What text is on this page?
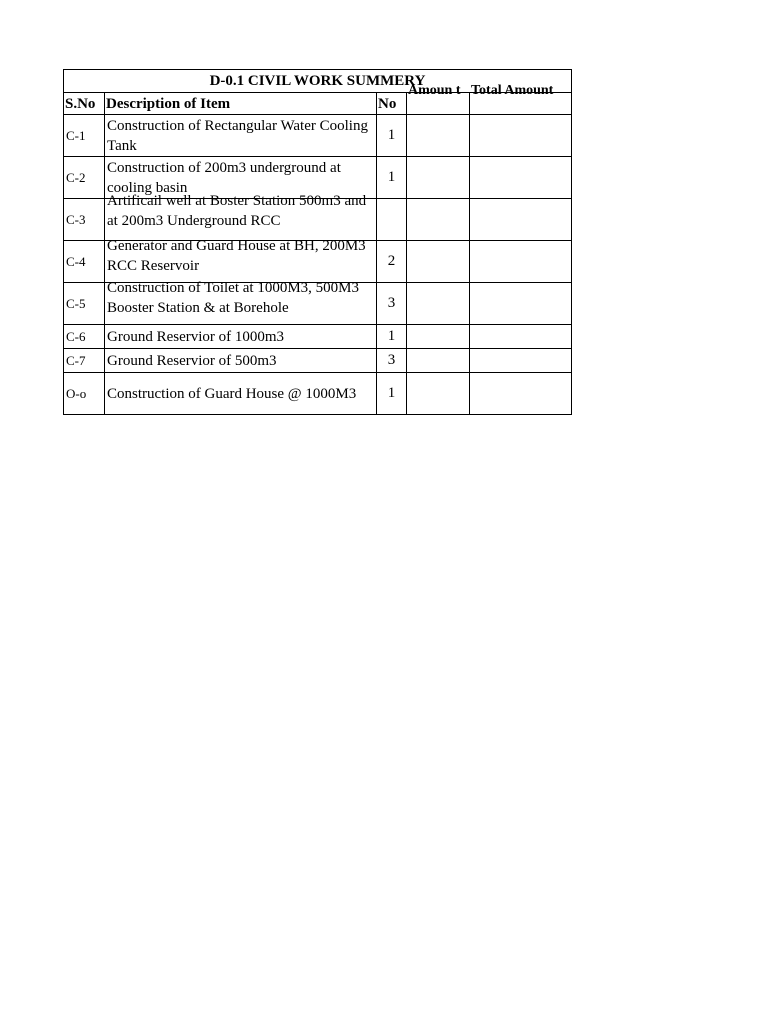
D-0.1 CIVIL WORK SUMMERY				
S.No	Description of Item	No	Amoun t	Total Amount
C-1	Construction of Rectangular Water Cooling Tank	1		
C-2	Construction of 200m3 underground at cooling basin	1		
C-3	Artificail well at Boster Station 500m3 and at 200m3 Underground RCC			

C-4	Generator and Guard House at BH, 200M3 RCC Reservoir	2		
C-5	Construction of Toilet at 1000M3, 500M3 Booster Station & at Borehole	3		
C-6	Ground Reservior of 1000m3	1		
C-7	Ground Reservior of 500m3	3		
O-o	Construction of Guard House @ 1000M3	1		
